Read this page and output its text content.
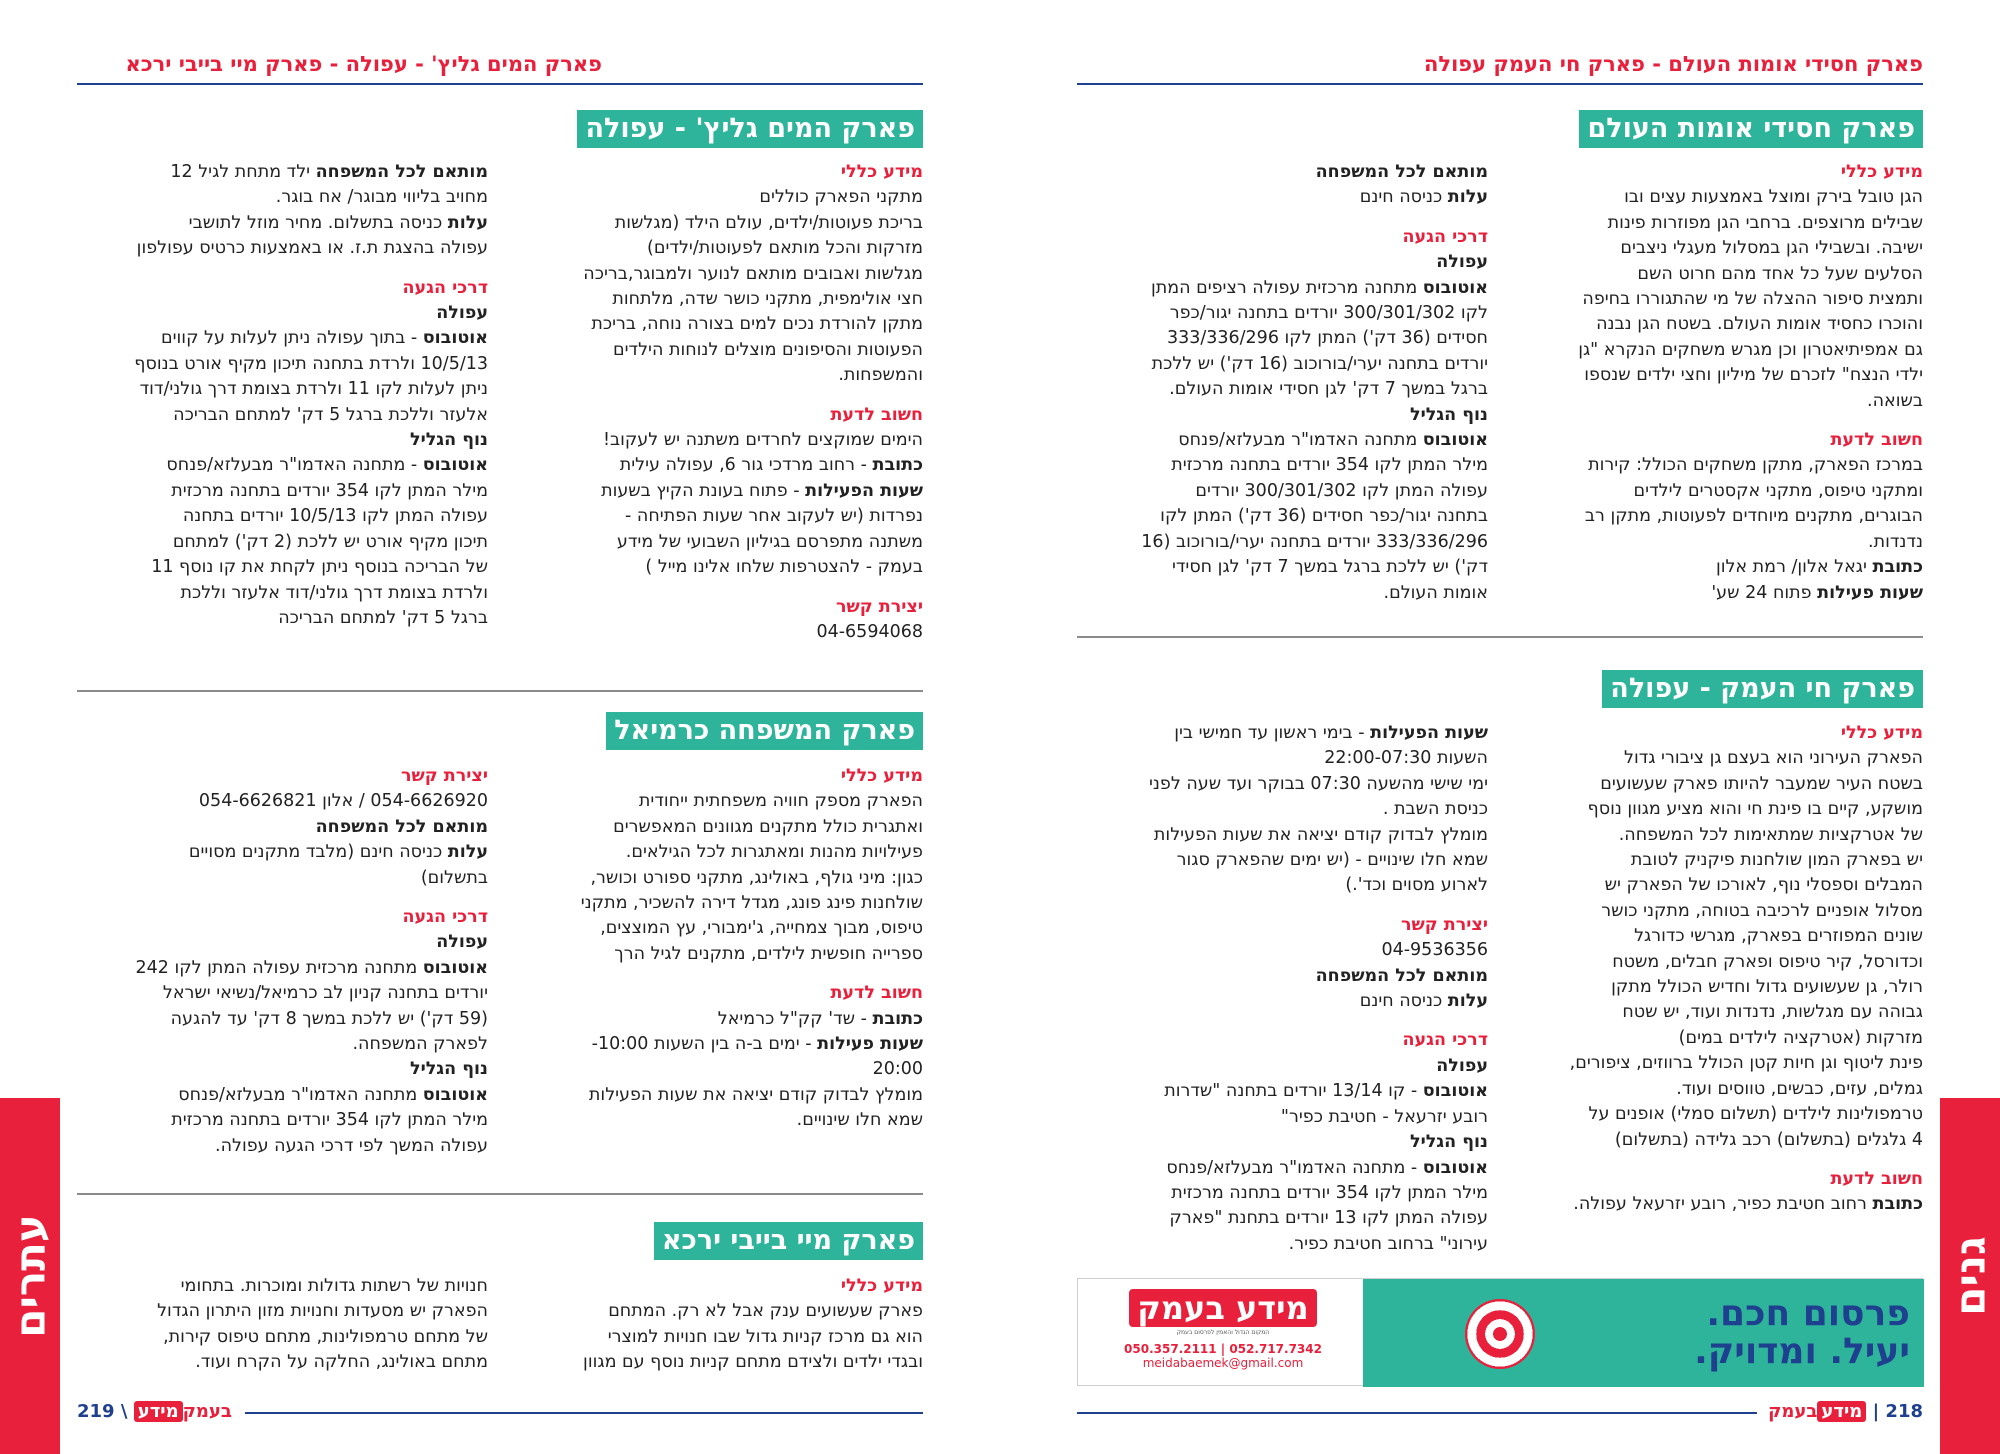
פארק חסידי אומות העולם - פארק חי העמק עפולה
פארק המים גליץ' - עפולה - פארק מיי בייבי ירכא
פארק חסידי אומות העולם

מידע כללי

הגן טובל בירק ומוצל באמצעות עצים ובו

שבילים מרוצפים. ברחבי הגן מפוזרות פינות

ישיבה. ובשבילי הגן במסלול מעגלי ניצבים

הסלעים שעל כל אחד מהם חרוט השם

ותמצית סיפור ההצלה של מי שהתגוררו בחיפה

והוכרו כחסיד אומות העולם. בשטח הגן נבנה

גם אמפיתיאטרון וכן מגרש משחקים הנקרא "גן

ילדי הנצח" לזכרם של מיליון וחצי ילדים שנספו

בשואה.

חשוב לדעת

במרכז הפארק, מתקן משחקים הכולל: קירות

ומתקני טיפוס, מתקני אקסטרים לילדים

הבוגרים, מתקנים מיוחדים לפעוטות, מתקן רב

נדנדות.

כתובת יגאל אלון/ רמת אלון

שעות פעילות פתוח 24 שע'

מותאם לכל המשפחה

עלות כניסה חינם

דרכי הגעה

עפולה

אוטובוס מתחנה מרכזית עפולה רציפים המתן

לקו 300/301/302 יורדים בתחנה יגור/כפר

חסידים (36 דק') המתן לקו 333/336/296

יורדים בתחנה יערי/בורוכוב (16 דק') יש ללכת

ברגל במשך 7 דק' לגן חסידי אומות העולם.

נוף הגליל

אוטובוס מתחנה האדמו"ר מבעלזא/פנחס

מילר המתן לקו 354 יורדים בתחנה מרכזית

עפולה המתן לקו 300/301/302 יורדים

בתחנה יגור/כפר חסידים (36 דק') המתן לקו

333/336/296 יורדים בתחנה יערי/בורוכוב (16

דק') יש ללכת ברגל במשך 7 דק' לגן חסידי

אומות העולם.

פארק חי העמק - עפולה

מידע כללי

הפארק העירוני הוא בעצם גן ציבורי גדול

בשטח העיר שמעבר להיותו פארק שעשועים

מושקע, קיים בו פינת חי והוא מציע מגוון נוסף

של אטרקציות שמתאימות לכל המשפחה.

יש בפארק המון שולחנות פיקניק לטובת

המבלים וספסלי נוף, לאורכו של הפארק יש

מסלול אופניים לרכיבה בטוחה, מתקני כושר

שונים המפוזרים בפארק, מגרשי כדורגל

וכדורסל, קיר טיפוס ופארק חבלים, משטח

רולר, גן שעשועים גדול וחדיש הכולל מתקן

גבוהה עם מגלשות, נדנדות ועוד, יש שטח

מזרקות (אטרקציה לילדים במים)

פינת ליטוף וגן חיות קטן הכולל ברווזים, ציפורים,

גמלים, עזים, כבשים, טווסים ועוד.

טרמפולינות לילדים (תשלום סמלי) אופנים על

4 גלגלים (בתשלום) רכב גלידה (בתשלום)

חשוב לדעת

כתובת רחוב חטיבת כפיר, רובע יזרעאל עפולה.

שעות הפעילות - בימי ראשון עד חמישי בין

השעות 22:00-07:30

ימי שישי מהשעה 07:30 בבוקר ועד שעה לפני

כניסת השבת .

מומלץ לבדוק קודם יציאה את שעות הפעילות

שמא חלו שינויים - (יש ימים שהפארק סגור

לארוע מסוים וכד'.)

יצירת קשר

04-9536356

מותאם לכל המשפחה

עלות כניסה חינם

דרכי הגעה

עפולה

אוטובוס - קו 13/14 יורדים בתחנה "שדרות

רובע יזרעאל - חטיבת כפיר"

נוף הגליל

אוטובוס - מתחנה האדמו"ר מבעלזא/פנחס

מילר המתן לקו 354 יורדים בתחנה מרכזית

עפולה המתן לקו 13 יורדים בתחנת "פארק

עירוני" ברחוב חטיבת כפיר.

פרסום חכם.
יעיל. ומדויק.
מידע בעמק
המקום הגדול והאמין לפרסום בעמק
050.357.2111 | 052.717.7342
meidabaemek@gmail.com
פארק המים גליץ' - עפולה

מידע כללי

מתקני הפארק כוללים

בריכת פעוטות/ילדים, עולם הילד (מגלשות

מזרקות והכל מותאם לפעוטות/ילדים)

מגלשות ואבובים מותאם לנוער ולמבוגר,בריכה

חצי אולימפית, מתקני כושר שדה, מלתחות

מתקן להורדת נכים למים בצורה נוחה, בריכת

הפעוטות והסיפונים מוצלים לנוחות הילדים

והמשפחות.

חשוב לדעת

הימים שמוקצים לחרדים משתנה יש לעקוב!

כתובת - רחוב מרדכי גור 6, עפולה עילית

שעות הפעילות - פתוח בעונת הקיץ בשעות

נפרדות (יש לעקוב אחר שעות הפתיחה -

משתנה מתפרסם בגיליון השבועי של מידע

בעמק - להצטרפות שלחו אלינו מייל )

יצירת קשר

04-6594068

מותאם לכל המשפחה ילד מתחת לגיל 12

מחויב בליווי מבוגר/ אח בוגר.

עלות כניסה בתשלום. מחיר מוזל לתושבי

עפולה בהצגת ת.ז. או באמצעות כרטיס עפולפון

דרכי הגעה

עפולה

אוטובוס - בתוך עפולה ניתן לעלות על קווים

10/5/13 ולרדת בתחנה תיכון מקיף אורט בנוסף

ניתן לעלות לקו 11 ולרדת בצומת דרך גולני/דוד

אלעזר וללכת ברגל 5 דק' למתחם הבריכה

נוף הגליל

אוטובוס - מתחנה האדמו"ר מבעלזא/פנחס

מילר המתן לקו 354 יורדים בתחנה מרכזית

עפולה המתן לקו 10/5/13 יורדים בתחנה

תיכון מקיף אורט יש ללכת (2 דק') למתחם

של הבריכה בנוסף ניתן לקחת את קו נוסף 11

ולרדת בצומת דרך גולני/דוד אלעזר וללכת

ברגל 5 דק' למתחם הבריכה

פארק המשפחה כרמיאל

מידע כללי

הפארק מספק חוויה משפחתית ייחודית

ואתגרית כולל מתקנים מגוונים המאפשרים

פעילויות מהנות ומאתגרות לכל הגילאים.

כגון: מיני גולף, באולינג, מתקני ספורט וכושר,

שולחנות פינג פונג, מגדל דירה להשכיר, מתקני

טיפוס, מבוך צמחייה, ג'ימבורי, עץ המוצצים,

ספרייה חופשית לילדים, מתקנים לגיל הרך

חשוב לדעת

כתובת - שד' קק"ל כרמיאל

שעות פעילות - ימים ב-ה בין השעות 10:00-

20:00

מומלץ לבדוק קודם יציאה את שעות הפעילות

שמא חלו שינויים.

יצירת קשר

054-6626920 / אלון 054-6626821

מותאם לכל המשפחה

עלות כניסה חינם (מלבד מתקנים מסויים

בתשלום)

דרכי הגעה

עפולה

אוטובוס מתחנה מרכזית עפולה המתן לקו 242

יורדים בתחנה קניון לב כרמיאל/נשיאי ישראל

(59 דק') יש ללכת במשך 8 דק' עד להגעה

לפארק המשפחה.

נוף הגליל

אוטובוס מתחנה האדמו"ר מבעלזא/פנחס

מילר המתן לקו 354 יורדים בתחנה מרכזית

עפולה המשך לפי דרכי הגעה עפולה.

פארק מיי בייבי ירכא

מידע כללי

פארק שעשועים ענק אבל לא רק. המתחם

הוא גם מרכז קניות גדול שבו חנויות למוצרי

ובגדי ילדים ולצידם מתחם קניות נוסף עם מגוון

חנויות של רשתות גדולות ומוכרות. בתחומי

הפארק יש מסעדות וחנויות מזון היתרון הגדול

של מתחם טרמפולינות, מתחם טיפוס קירות,

מתחם באולינג, החלקה על הקרח ועוד.

גנים
עתרים
218 | מידעבעמק
219 \ מידע בעמק
